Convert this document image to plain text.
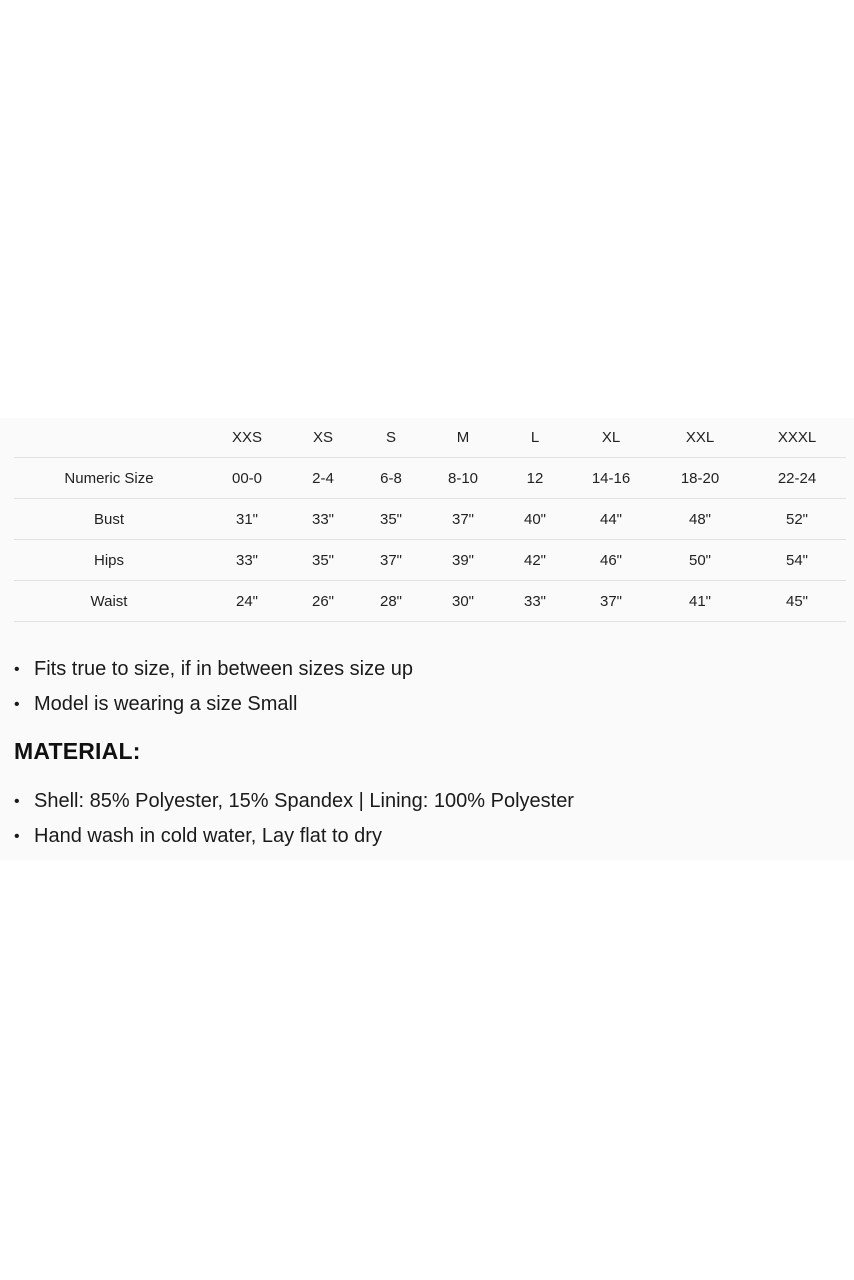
	XXS	XS	S	M	L	XL	XXL	XXXL
Numeric Size	00-0	2-4	6-8	8-10	12	14-16	18-20	22-24
Bust	31"	33"	35"	37"	40"	44"	48"	52"
Hips	33"	35"	37"	39"	42"	46"	50"	54"
Waist	24"	26"	28"	30"	33"	37"	41"	45"
• Fits true to size, if in between sizes size up
• Model is wearing a size Small
MATERIAL:
• Shell: 85% Polyester, 15% Spandex | Lining: 100% Polyester
• Hand wash in cold water, Lay flat to dry
